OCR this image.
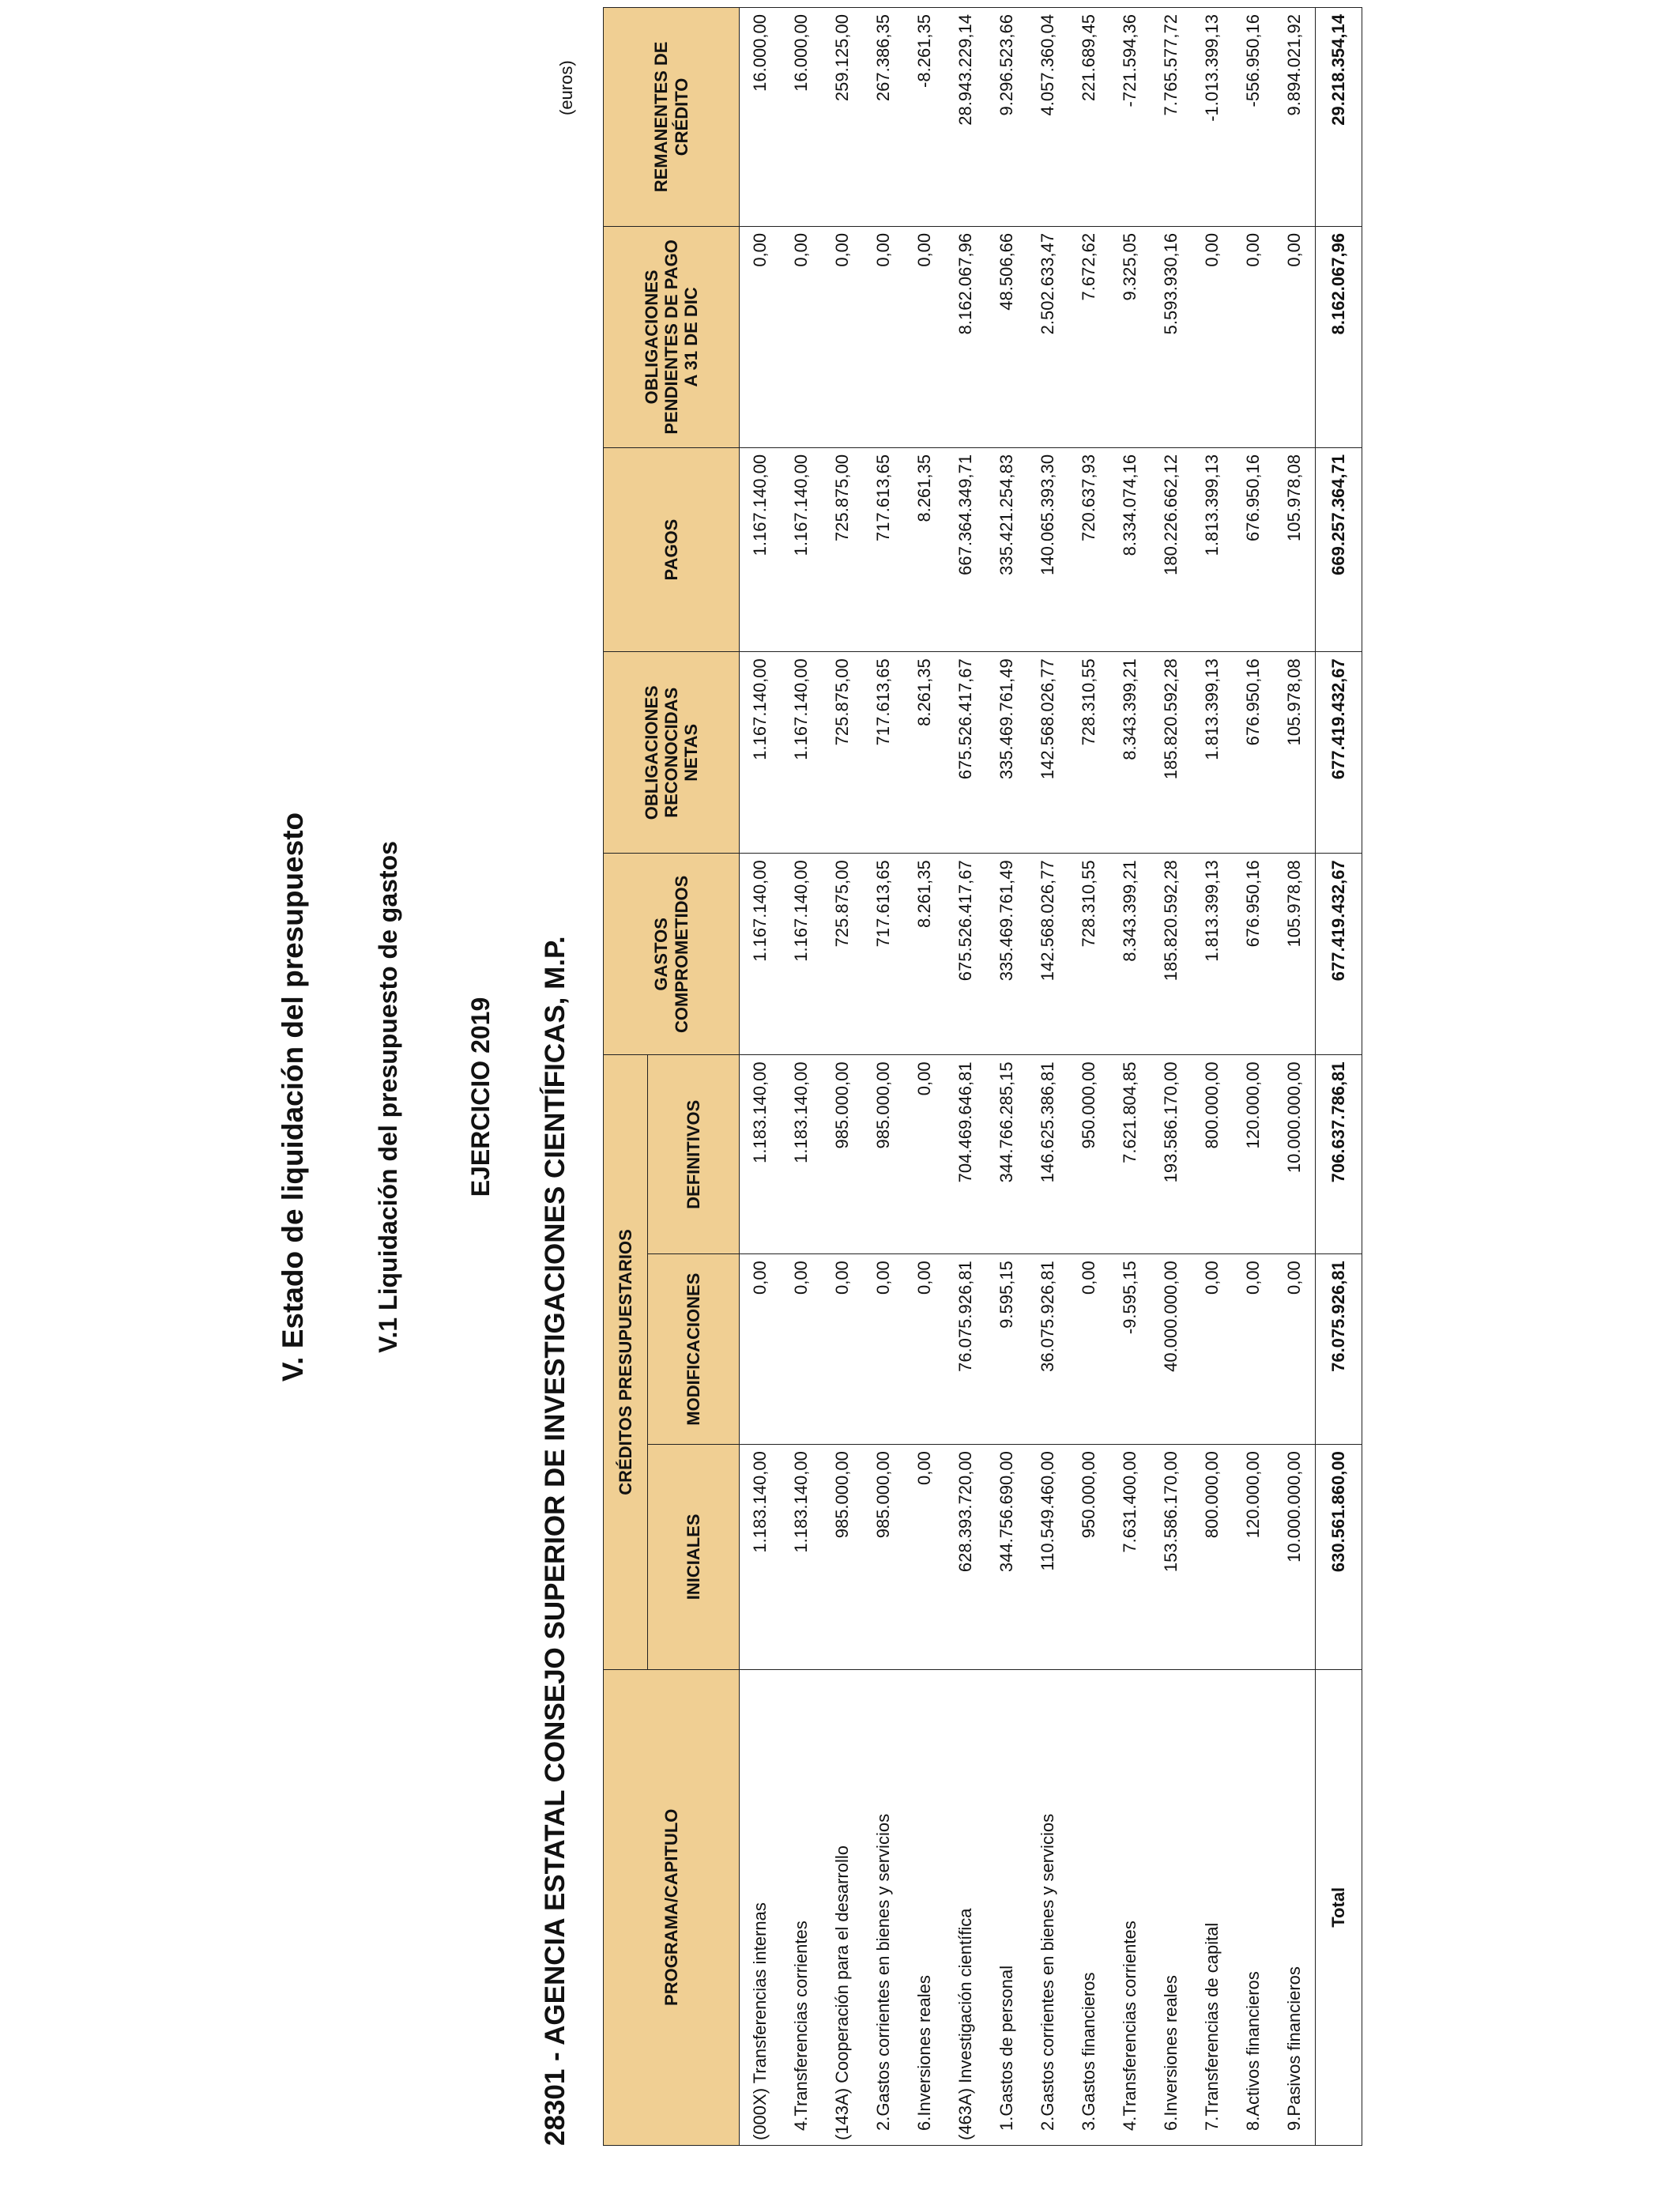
V. Estado de liquidación del presupuesto	V.1 Liquidación del presupuesto de gastos	EJERCICIO 2019 28301 - AGENCIA ESTATAL CONSEJO SUPERIOR DE INVESTIGACIONES CIENTÍFICAS, M.P.
(euros)
PROGRAMA/CAPITULO	CRÉDITOS PRESUPUESTARIOS			GASTOS COMPROMETIDOS	OBLIGACIONES RECONOCIDAS NETAS	PAGOS	OBLIGACIONES PENDIENTES DE PAGO A 31 DE DIC	REMANENTES DE CRÉDITO
	INICIALES	MODIFICACIONES	DEFINITIVOS					
(000X) Transferencias internas	1.183.140,00	0,00	1.183.140,00	1.167.140,00	1.167.140,00	1.167.140,00	0,00	16.000,00
4.Transferencias corrientes	1.183.140,00	0,00	1.183.140,00	1.167.140,00	1.167.140,00	1.167.140,00	0,00	16.000,00
(143A) Cooperación para el desarrollo	985.000,00	0,00	985.000,00	725.875,00	725.875,00	725.875,00	0,00	259.125,00
2.Gastos corrientes en bienes y servicios	985.000,00	0,00	985.000,00	717.613,65	717.613,65	717.613,65	0,00	267.386,35
6.Inversiones reales	0,00	0,00	0,00	8.261,35	8.261,35	8.261,35	0,00	-8.261,35
(463A) Investigación científica	628.393.720,00	76.075.926,81	704.469.646,81	675.526.417,67	675.526.417,67	667.364.349,71	8.162.067,96	28.943.229,14
1.Gastos de personal	344.756.690,00	9.595,15	344.766.285,15	335.469.761,49	335.469.761,49	335.421.254,83	48.506,66	9.296.523,66
2.Gastos corrientes en bienes y servicios	110.549.460,00	36.075.926,81	146.625.386,81	142.568.026,77	142.568.026,77	140.065.393,30	2.502.633,47	4.057.360,04
3.Gastos financieros	950.000,00	0,00	950.000,00	728.310,55	728.310,55	720.637,93	7.672,62	221.689,45
4.Transferencias corrientes	7.631.400,00	-9.595,15	7.621.804,85	8.343.399,21	8.343.399,21	8.334.074,16	9.325,05	-721.594,36
6.Inversiones reales	153.586.170,00	40.000.000,00	193.586.170,00	185.820.592,28	185.820.592,28	180.226.662,12	5.593.930,16	7.765.577,72
7.Transferencias de capital	800.000,00	0,00	800.000,00	1.813.399,13	1.813.399,13	1.813.399,13	0,00	-1.013.399,13
8.Activos financieros	120.000,00	0,00	120.000,00	676.950,16	676.950,16	676.950,16	0,00	-556.950,16
9.Pasivos financieros	10.000.000,00	0,00	10.000.000,00	105.978,08	105.978,08	105.978,08	0,00	9.894.021,92
Total	630.561.860,00	76.075.926,81	706.637.786,81	677.419.432,67	677.419.432,67	669.257.364,71	8.162.067,96	29.218.354,14
